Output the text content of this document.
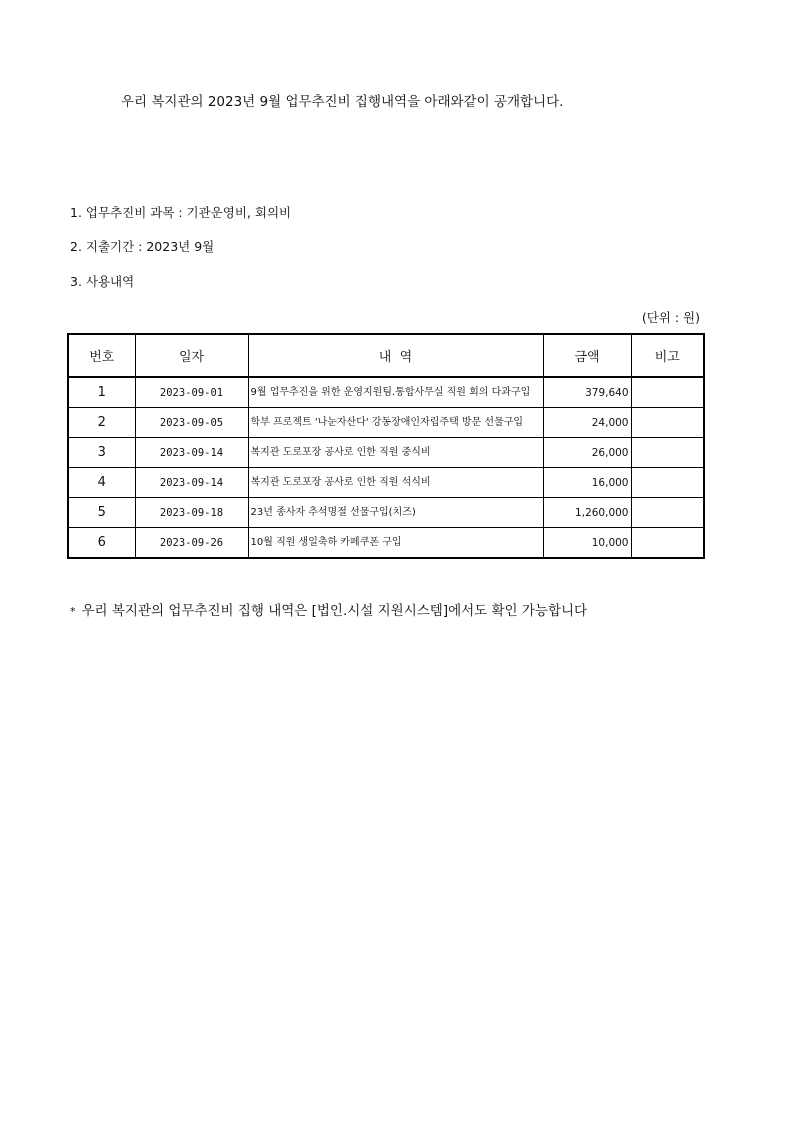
우리 복지관의 2023년 9월 업무추진비 집행내역을 아래와같이 공개합니다.
1. 업무추진비 과목 : 기관운영비, 회의비
2. 지출기간 : 2023년 9월
3. 사용내역
(단위 : 원)
번호	일자	내  역	금액	비고
1	2023-09-01	9월 업무추진을 위한 운영지원팀.통합사무실 직원 회의 다과구입	379,640	
2	2023-09-05	학부 프로젝트 '나눈자산다' 강동장애인자립주택 방문 선물구입	24,000	
3	2023-09-14	복지관 도로포장 공사로 인한 직원 중식비	26,000	
4	2023-09-14	복지관 도로포장 공사로 인한 직원 석식비	16,000	
5	2023-09-18	23년 종사자 추석명절 선물구입(치즈)	1,260,000	
6	2023-09-26	10월 직원 생일축하 카페쿠폰 구입	10,000	
* 우리 복지관의 업무추진비 집행 내역은 [법인.시설 지원시스템]에서도 확인 가능합니다
